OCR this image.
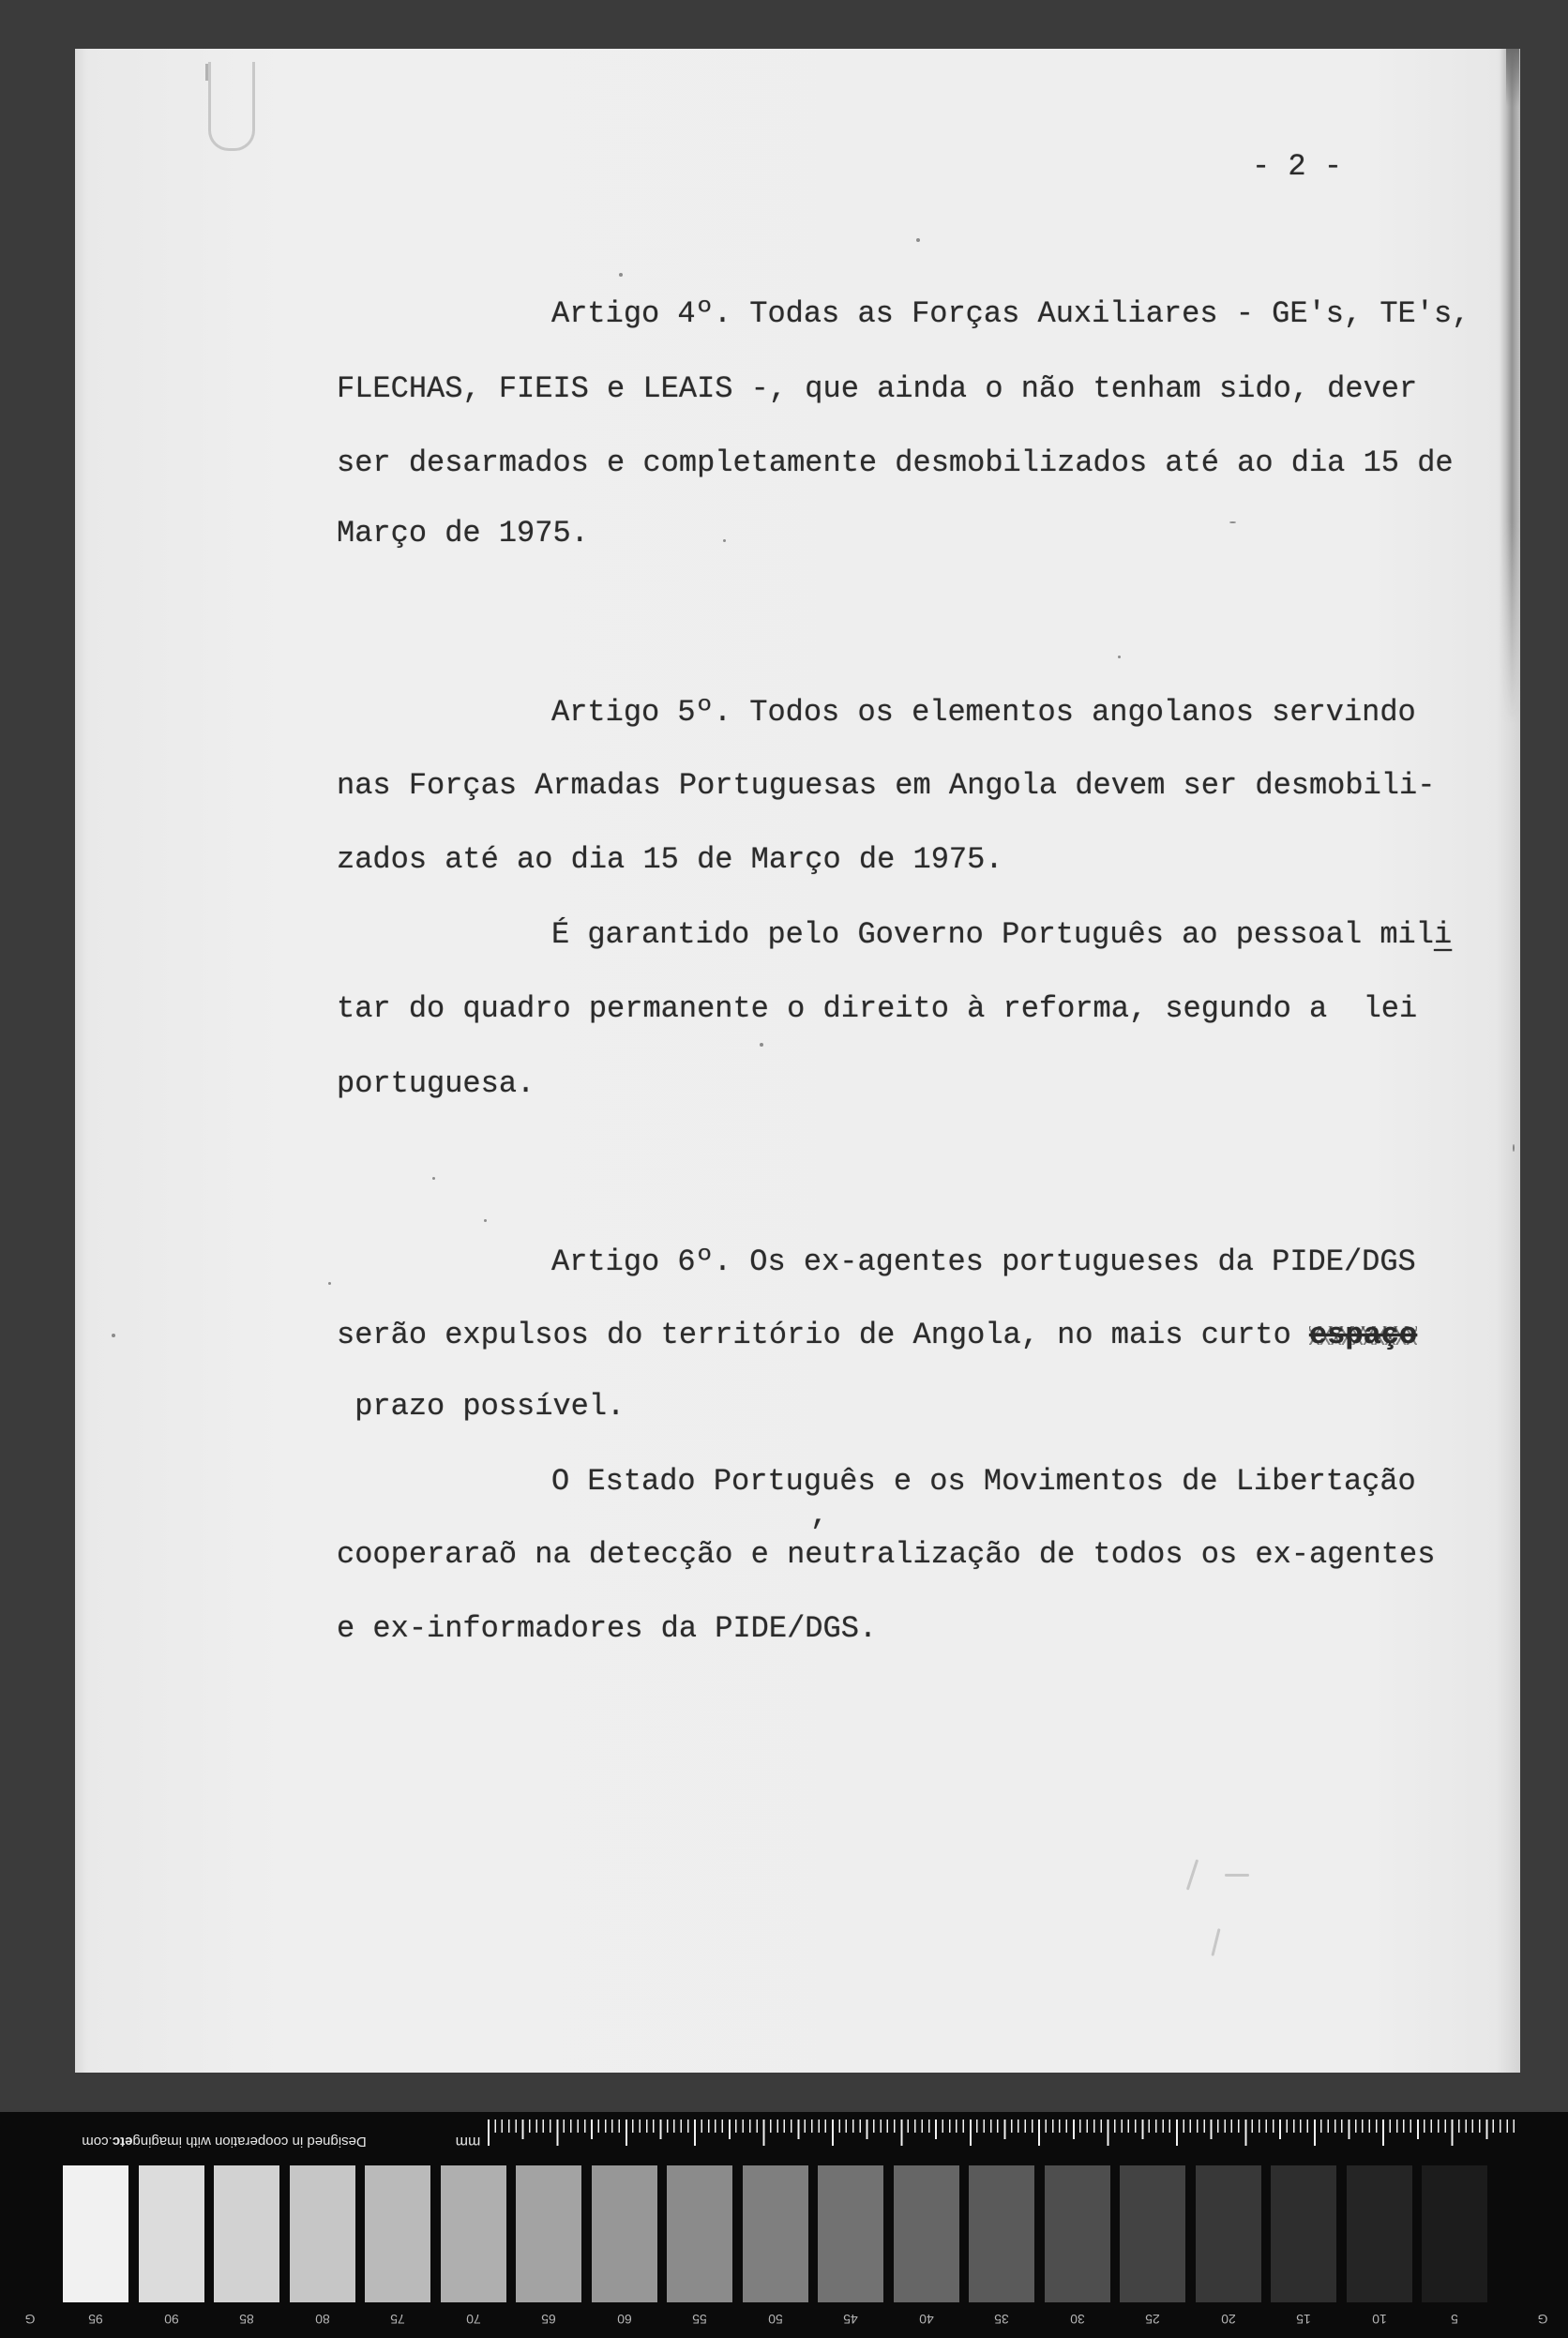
- 2 -
Artigo 4º. Todas as Forças Auxiliares - GE's, TE's,
FLECHAS, FIEIS e LEAIS -, que ainda o não tenham sido, dever
ser desarmados e completamente desmobilizados até ao dia 15 de
Março de 1975.
Artigo 5º. Todos os elementos angolanos servindo
nas Forças Armadas Portuguesas em Angola devem ser desmobili-
zados até ao dia 15 de Março de 1975.
É garantido pelo Governo Português ao pessoal mili
tar do quadro permanente o direito à reforma, segundo a  lei
portuguesa.
Artigo 6º. Os ex-agentes portugueses da PIDE/DGS
serão expulsos do território de Angola, no mais curto espaço
prazo possível.
O Estado Português e os Movimentos de Libertação
,
cooperaraõ na detecção e neutralização de todos os ex-agentes
e ex-informadores da PIDE/DGS.
Designed in cooperation with imagingetc.com	mm
G	G
95	90	85	80	75	70	65	60	55	50	45	40	35	30	25	20	15	10	5
